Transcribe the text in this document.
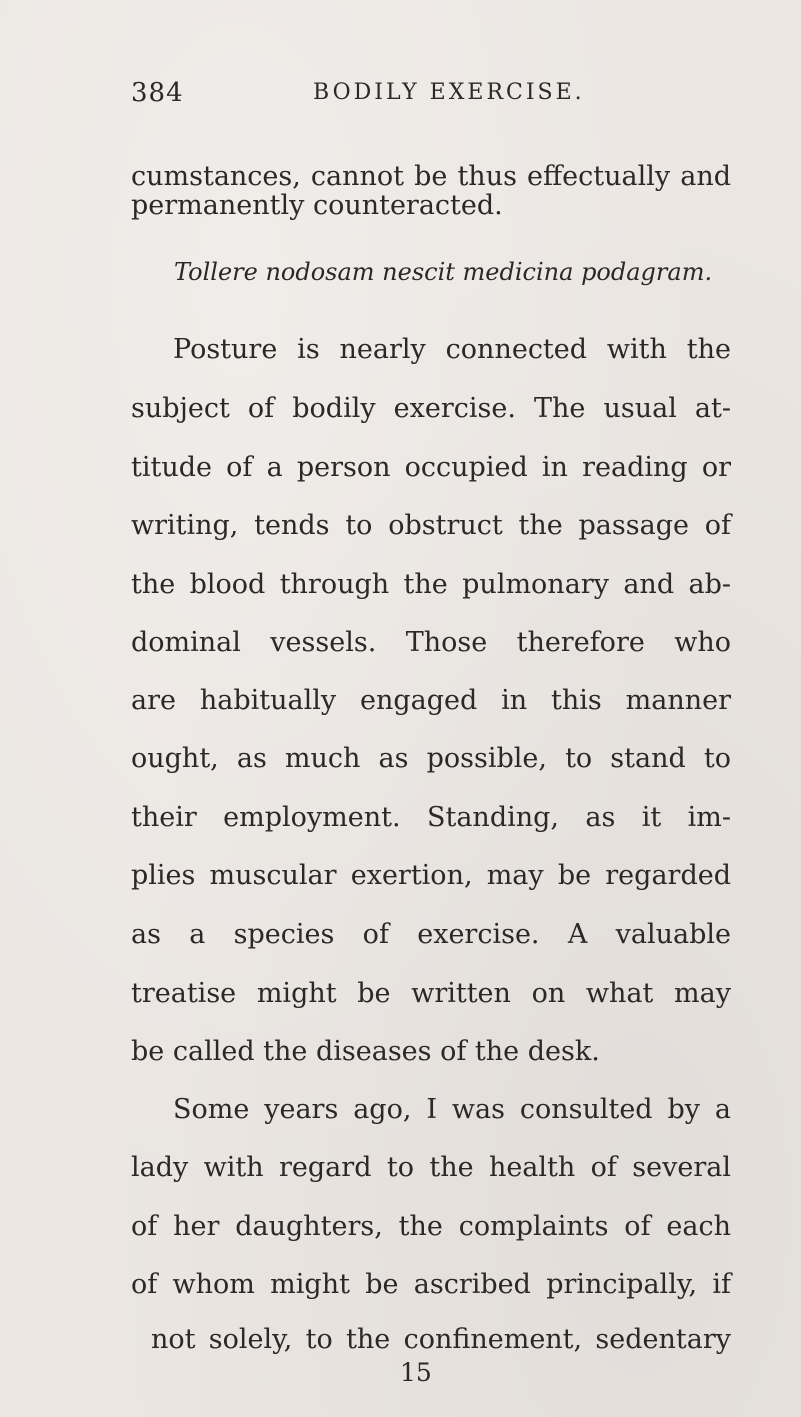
384	BODILY EXERCISE.
cumstances, cannot be thus effectually and
permanently counteracted.
Tollere nodosam nescit medicina podagram.
Posture is nearly connected with the
subject of bodily exercise. The usual at-
titude of a person occupied in reading or
writing, tends to obstruct the passage of
the blood through the pulmonary and ab-
dominal vessels. Those therefore who
are habitually engaged in this manner
ought, as much as possible, to stand to
their employment. Standing, as it im-
plies muscular exertion, may be regarded
as a species of exercise. A valuable
treatise might be written on what may
be called the diseases of the desk.
Some years ago, I was consulted by a
lady with regard to the health of several
of her daughters, the complaints of each
of whom might be ascribed principally, if
not solely, to the confinement, sedentary
15
